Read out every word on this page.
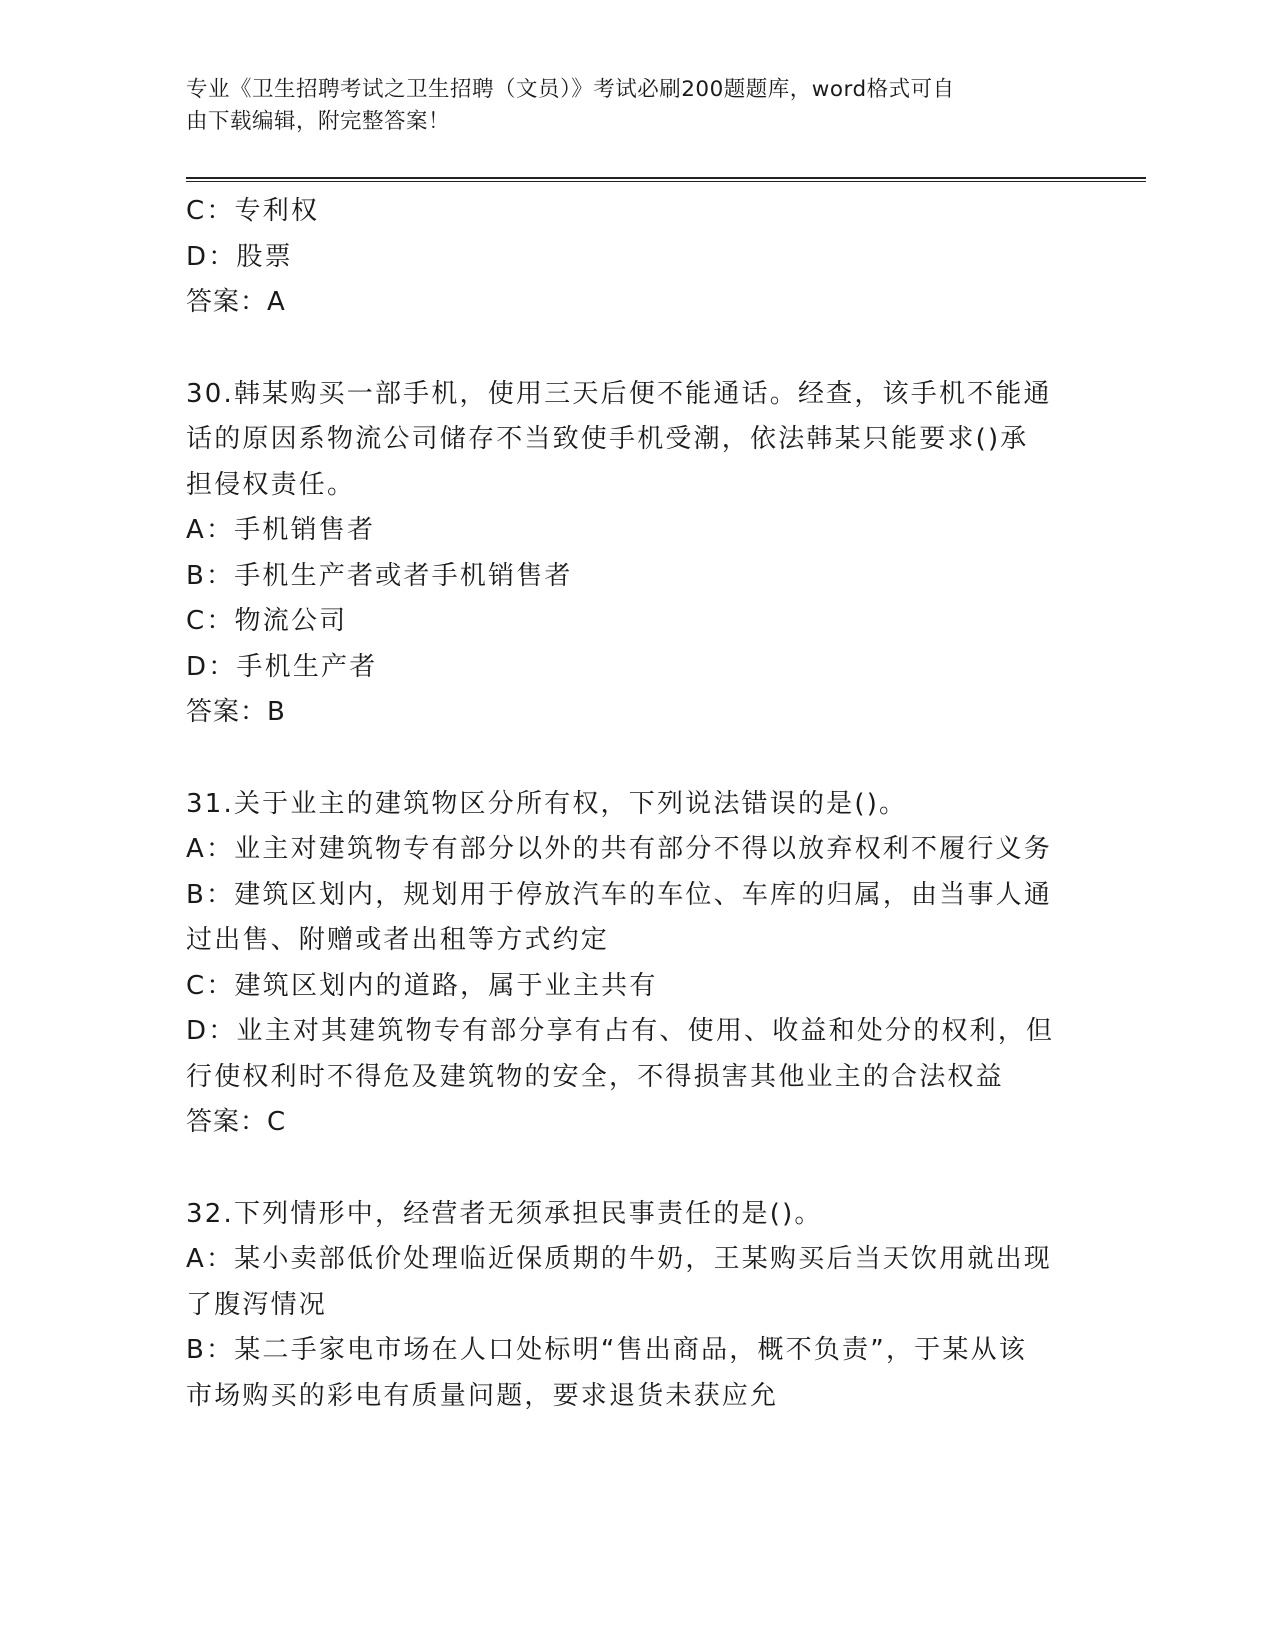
专业《卫生招聘考试之卫生招聘（文员）》考试必刷200题题库，word格式可自
由下载编辑，附完整答案！
C：专利权
D：股票
答案：A
30.韩某购买一部手机，使用三天后便不能通话。经查，该手机不能通
话的原因系物流公司储存不当致使手机受潮，依法韩某只能要求()承
担侵权责任。
A：手机销售者
B：手机生产者或者手机销售者
C：物流公司
D：手机生产者
答案：B
31.关于业主的建筑物区分所有权，下列说法错误的是()。
A：业主对建筑物专有部分以外的共有部分不得以放弃权利不履行义务
B：建筑区划内，规划用于停放汽车的车位、车库的归属，由当事人通
过出售、附赠或者出租等方式约定
C：建筑区划内的道路，属于业主共有
D：业主对其建筑物专有部分享有占有、使用、收益和处分的权利，但
行使权利时不得危及建筑物的安全，不得损害其他业主的合法权益
答案：C
32.下列情形中，经营者无须承担民事责任的是()。
A：某小卖部低价处理临近保质期的牛奶，王某购买后当天饮用就出现
了腹泻情况
B：某二手家电市场在人口处标明“售出商品，概不负责”，于某从该
市场购买的彩电有质量问题，要求退货未获应允
